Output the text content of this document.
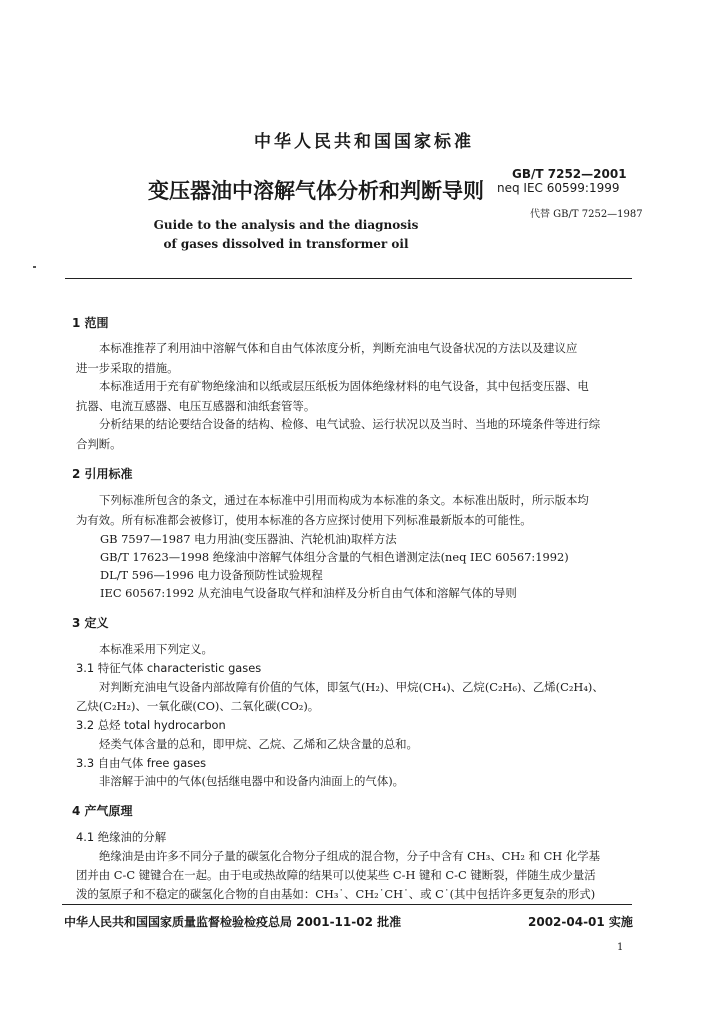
中华人民共和国国家标准
变压器油中溶解气体分析和判断导则
Guide to the analysis and the diagnosis
of gases dissolved in transformer oil
GB/T 7252—2001
neq IEC 60599:1999
代替 GB/T 7252—1987
1 范围
本标准推荐了利用油中溶解气体和自由气体浓度分析，判断充油电气设备状况的方法以及建议应
进一步采取的措施。
本标准适用于充有矿物绝缘油和以纸或层压纸板为固体绝缘材料的电气设备，其中包括变压器、电
抗器、电流互感器、电压互感器和油纸套管等。
分析结果的结论要结合设备的结构、检修、电气试验、运行状况以及当时、当地的环境条件等进行综
合判断。
2 引用标准
下列标准所包含的条文，通过在本标准中引用而构成为本标准的条文。本标准出版时，所示版本均
为有效。所有标准都会被修订，使用本标准的各方应探讨使用下列标准最新版本的可能性。
GB 7597—1987 电力用油(变压器油、汽轮机油)取样方法
GB/T 17623—1998 绝缘油中溶解气体组分含量的气相色谱测定法(neq IEC 60567:1992)
DL/T 596—1996 电力设备预防性试验规程
IEC 60567:1992 从充油电气设备取气样和油样及分析自由气体和溶解气体的导则
3 定义
本标准采用下列定义。
3.1 特征气体 characteristic gases
对判断充油电气设备内部故障有价值的气体，即氢气(H₂)、甲烷(CH₄)、乙烷(C₂H₆)、乙烯(C₂H₄)、
乙炔(C₂H₂)、一氧化碳(CO)、二氧化碳(CO₂)。
3.2 总烃 total hydrocarbon
烃类气体含量的总和，即甲烷、乙烷、乙烯和乙炔含量的总和。
3.3 自由气体 free gases
非溶解于油中的气体(包括继电器中和设备内油面上的气体)。
4 产气原理
4.1 绝缘油的分解
绝缘油是由许多不同分子量的碳氢化合物分子组成的混合物，分子中含有 CH₃、CH₂ 和 CH 化学基
团并由 C-C 键键合在一起。由于电或热故障的结果可以使某些 C-H 键和 C-C 键断裂，伴随生成少量活
泼的氢原子和不稳定的碳氢化合物的自由基如：CH₃˙、CH₂˙CH˙、或 C˙(其中包括许多更复杂的形式)
中华人民共和国国家质量监督检验检疫总局 2001-11-02 批准	2002-04-01 实施
1
